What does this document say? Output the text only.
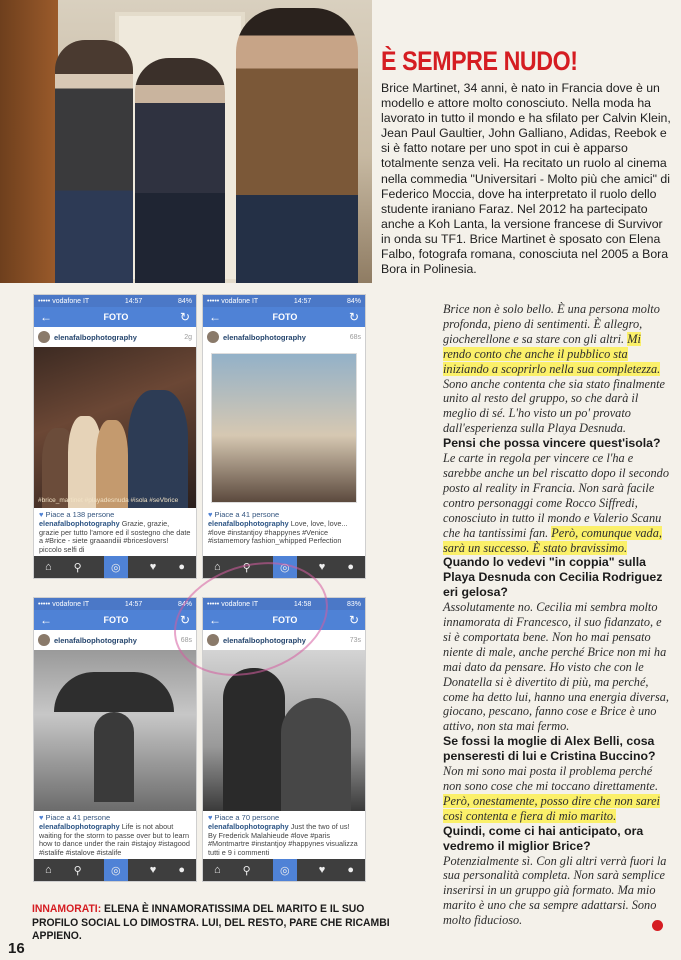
È SEMPRE NUDO!

Brice Martinet, 34 anni, è nato in Francia dove è un modello e attore molto conosciuto. Nella moda ha lavorato in tutto il mondo e ha sfilato per Calvin Klein, Jean Paul Gaultier, John Galliano, Adidas, Reebok e si è fatto notare per uno spot in cui è apparso totalmente senza veli. Ha recitato un ruolo al cinema nella commedia "Universitari - Molto più che amici" di Federico Moccia, dove ha interpretato il ruolo dello studente iraniano Faraz. Nel 2012 ha partecipato anche a Koh Lanta, la versione francese di Survivor in onda su TF1. Brice Martinet è sposato con Elena Falbo, fotografa romana, conosciuta nel 2005 a Bora Bora in Polinesia.

••••• vodafone IT	14:57	84%
←	FOTO	↻
elenafalbophotography	2g
#brice_martinet #playadesnuda #isola #seVbrice
♥ Piace a 138 persone
elenafalbophotography Grazie, grazie, grazie per tutto l'amore ed il sostegno che date a #Brice - siete graaandiii #briceslovers! piccolo selfi di
⌂ ⚲	◎	♥ ●
••••• vodafone IT	14:57	84%
←	FOTO	↻
elenafalbophotography	68s
♥ Piace a 41 persone
elenafalbophotography Love, love, love... #love #instantjoy #happynes #Venice #istamemory fashion_whipped Perfection
⌂ ⚲	◎	♥ ●
••••• vodafone IT	14:57	84%
←	FOTO	↻
elenafalbophotography	68s
♥ Piace a 41 persone
elenafalbophotography Life is not about waiting for the storm to passe over but to learn how to dance under the rain #istajoy #istagood #istalife #istalove #istalife
⌂ ⚲	◎	♥ ●
••••• vodafone IT	14:58	83%
←	FOTO	↻
elenafalbophotography	73s
♥ Piace a 70 persone
elenafalbophotography Just the two of us! By Frederick Malahieude #love #paris #Montmartre #instantjoy #happynes visualizza tutti e 9 i commenti
⌂ ⚲	◎	♥ ●
INNAMORATI: ELENA È INNAMORATISSIMA DEL MARITO E IL SUO PROFILO SOCIAL LO DIMOSTRA. LUI, DEL RESTO, PARE CHE RICAMBI APPIENO.
16
Brice non è solo bello. È una persona molto profonda, pieno di sentimenti. È allegro, giocherellone e sa stare con gli altri. Mi rendo conto che anche il pubblico sta iniziando a scoprirlo nella sua completezza. Sono anche contenta che sia stato finalmente unito al resto del gruppo, so che darà il meglio di sé. L'ho visto un po' provato dall'esperienza sulla Playa Desnuda.
Pensi che possa vincere quest'isola?
Le carte in regola per vincere ce l'ha e sarebbe anche un bel riscatto dopo il secondo posto al reality in Francia. Non sarà facile contro personaggi come Rocco Siffredi, conosciuto in tutto il mondo e Valerio Scanu che ha tantissimi fan. Però, comunque vada, sarà un successo. È stato bravissimo.
Quando lo vedevi "in coppia" sulla Playa Desnuda con Cecilia Rodriguez eri gelosa?
Assolutamente no. Cecilia mi sembra molto innamorata di Francesco, il suo fidanzato, e si è comportata bene. Non ho mai pensato niente di male, anche perché Brice non mi ha mai dato da pensare. Ho visto che con le Donatella si è divertito di più, ma perché, come ha detto lui, hanno una energia diversa, giocano, pescano, fanno cose e Brice è uno attivo, non sta mai fermo.
Se fossi la moglie di Alex Belli, cosa penseresti di lui e Cristina Buccino?
Non mi sono mai posta il problema perché non sono cose che mi toccano direttamente. Però, onestamente, posso dire che non sarei così contenta e fiera di mio marito.
Quindi, come ci hai anticipato, ora vedremo il miglior Brice?
Potenzialmente sì. Con gli altri verrà fuori la sua personalità completa. Non sarà semplice inserirsi in un gruppo già formato. Ma mio marito è uno che sa sempre adattarsi. Sono molto fiducioso.
